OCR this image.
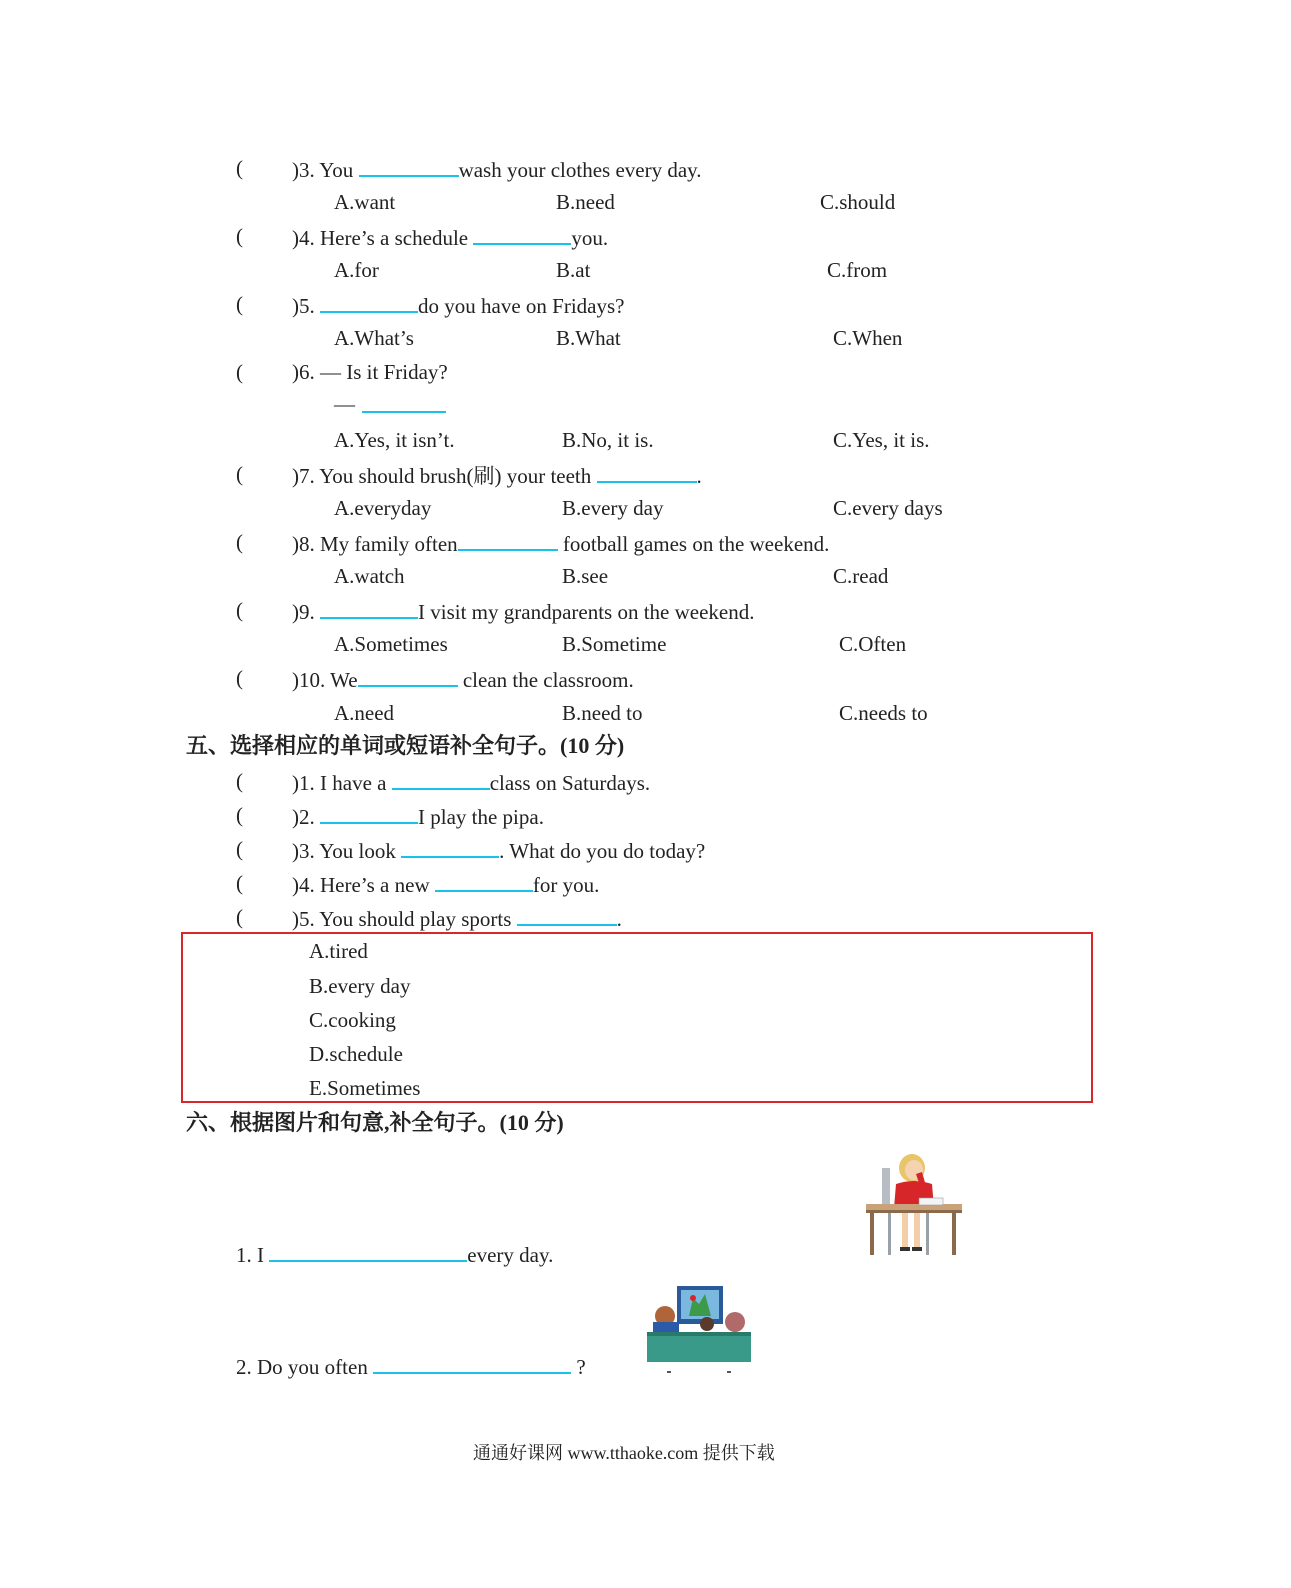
( )3. You	wash your clothes every day.
A.want	B.need	C.should
( )4. Here’s a schedule	you.
A.for	B.at	C.from
( )5.	do you have on Fridays?
A.What’s	B.What	C.When
( )6. — Is it Friday?
—
A.Yes, it isn’t.	B.No, it is.	C.Yes, it is.
( )7. You should brush(刷) your teeth	.
A.everyday	B.every day	C.every days
( )8. My family often	football games on the weekend.
A.watch	B.see	C.read
( )9.	I visit my grandparents on the weekend.
A.Sometimes	B.Sometime	C.Often
( )10. We	clean the classroom.
A.need	B.need to	C.needs to
五、选择相应的单词或短语补全句子。(10 分)
( )1. I have a	class on Saturdays.
( )2.	I play the pipa.
( )3. You look	. What do you do today?
( )4. Here’s a new	for you.
( )5. You should play sports	.
A.tired
B.every day
C.cooking
D.schedule
E.Sometimes
六、根据图片和句意,补全句子。(10 分)
1. I	every day.
2. Do you often	?
通通好课网 www.tthaoke.com 提供下载
